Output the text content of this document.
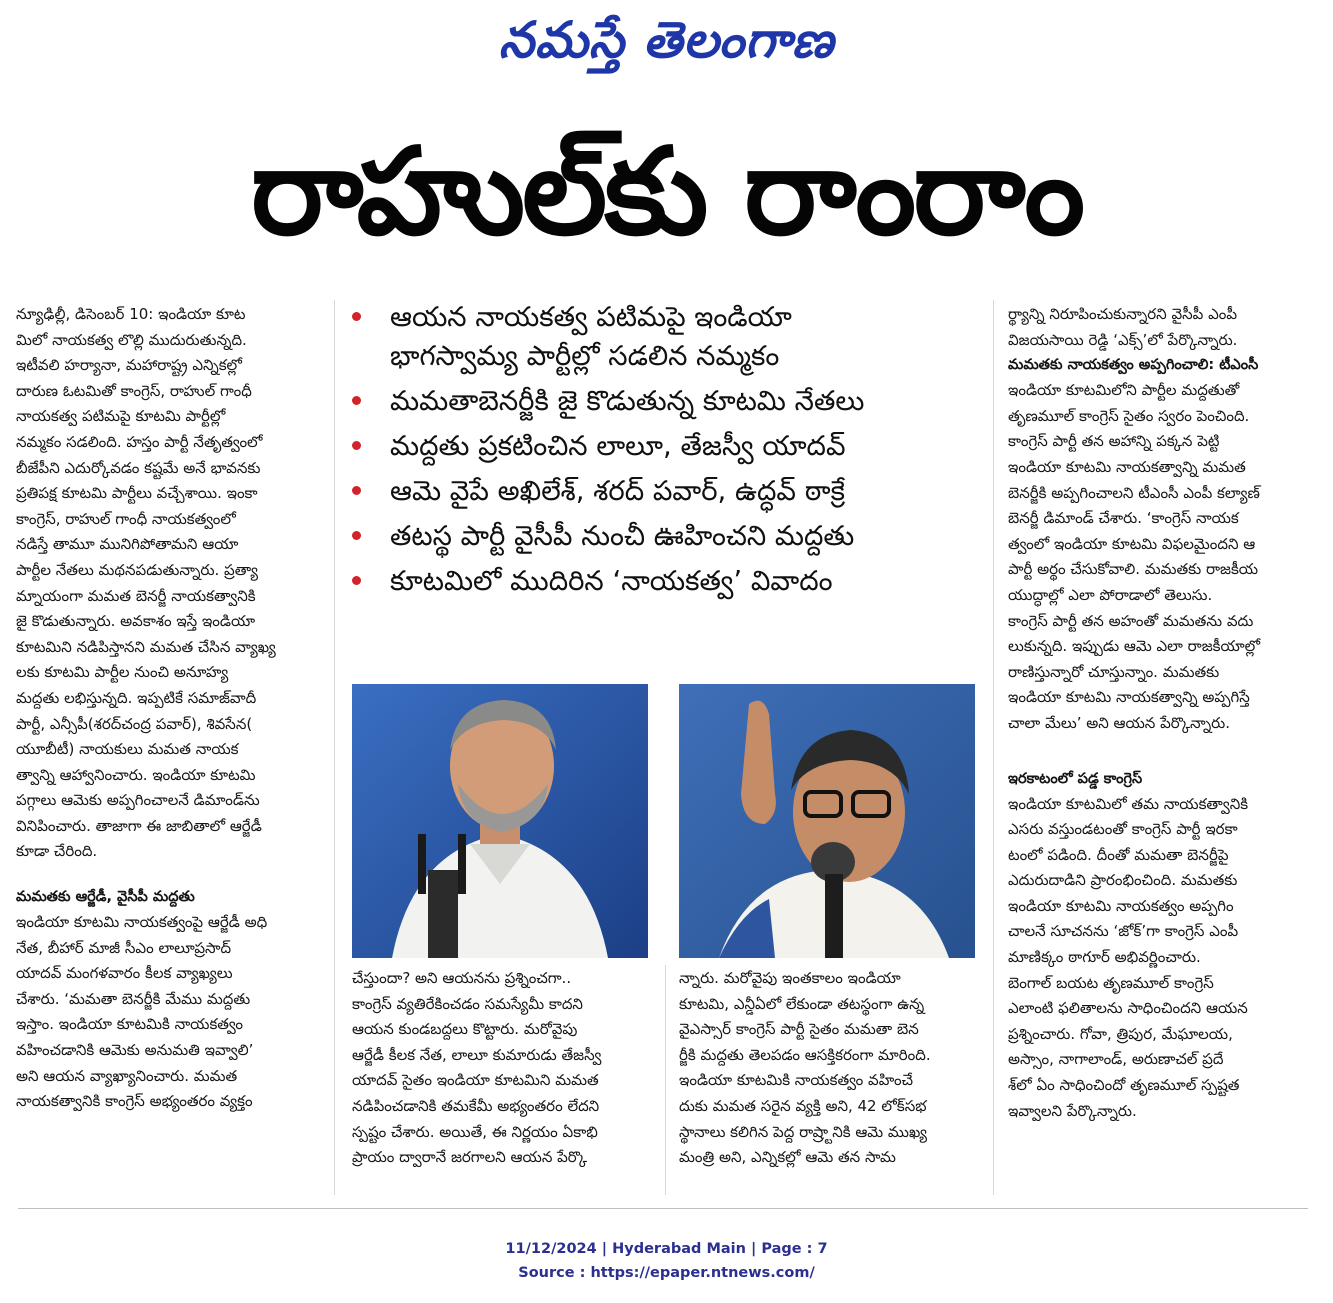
నమస్తే తెలంగాణ
రాహుల్‌కు రాంరాం

న్యూఢిల్లీ, డిసెంబర్‌ 10: ఇండియా కూట

మిలో నాయకత్వ లొల్లి ముదురుతున్నది.

ఇటీవలి హర్యానా, మహారాష్ట్ర ఎన్నికల్లో

దారుణ ఓటమితో కాంగ్రెస్‌, రాహుల్‌ గాంధీ

నాయకత్వ పటిమపై కూటమి పార్టీల్లో

నమ్మకం సడలింది. హస్తం పార్టీ నేతృత్వంలో

బీజేపీని ఎదుర్కోవడం కష్టమే అనే భావనకు

ప్రతిపక్ష కూటమి పార్టీలు వచ్చేశాయి. ఇంకా

కాంగ్రెస్‌, రాహుల్‌ గాంధీ నాయకత్వంలో

నడిస్తే తామూ మునిగిపోతామని ఆయా

పార్టీల నేతలు మథనపడుతున్నారు. ప్రత్యా

మ్నాయంగా మమత బెనర్జీ నాయకత్వానికి

జై కొడుతున్నారు. అవకాశం ఇస్తే ఇండియా

కూటమిని నడిపిస్తానని మమత చేసిన వ్యాఖ్య

లకు కూటమి పార్టీల నుంచి అనూహ్య

మద్దతు లభిస్తున్నది. ఇప్పటికే సమాజ్‌వాదీ

పార్టీ, ఎన్సీపీ(శరద్‌చంద్ర పవార్‌), శివసేన(

యూబీటీ) నాయకులు మమత నాయక

త్వాన్ని ఆహ్వానించారు. ఇండియా కూటమి

పగ్గాలు ఆమెకు అప్పగించాలనే డిమాండ్‌ను

వినిపించారు. తాజాగా ఈ జాబితాలో ఆర్జేడీ

కూడా చేరింది.

మమతకు ఆర్జేడీ, వైసీపీ మద్దతు

ఇండియా కూటమి నాయకత్వంపై ఆర్జేడీ అధి

నేత, బీహార్‌ మాజీ సీఎం లాలూప్రసాద్‌

యాదవ్‌ మంగళవారం కీలక వ్యాఖ్యలు

చేశారు. ‘మమతా బెనర్జీకి మేము మద్దతు

ఇస్తాం. ఇండియా కూటమికి నాయకత్వం

వహించడానికి ఆమెకు అనుమతి ఇవ్వాలి’

అని ఆయన వ్యాఖ్యానించారు. మమత

నాయకత్వానికి కాంగ్రెస్‌ అభ్యంతరం వ్యక్తం

ఆయన నాయకత్వ పటిమపై ఇండియా
భాగస్వామ్య పార్టీల్లో సడలిన నమ్మకం
మమతాబెనర్జీకి జై కొడుతున్న కూటమి నేతలు
మద్దతు ప్రకటించిన లాలూ, తేజస్వీ యాదవ్
ఆమె వైపే అఖిలేశ్‌, శరద్‌ పవార్‌, ఉద్ధవ్‌ ఠాక్రే
తటస్థ పార్టీ వైసీపీ నుంచీ ఊహించని మద్దతు
కూటమిలో ముదిరిన ‘నాయకత్వ’ వివాదం

చేస్తుందా? అని ఆయనను ప్రశ్నించగా..

కాంగ్రెస్‌ వ్యతిరేకించడం సమస్యేమీ కాదని

ఆయన కుండబద్దలు కొట్టారు. మరోవైపు

ఆర్జేడీ కీలక నేత, లాలూ కుమారుడు తేజస్వీ

యాదవ్‌ సైతం ఇండియా కూటమిని మమత

నడిపించడానికి తమకేమీ అభ్యంతరం లేదని

స్పష్టం చేశారు. అయితే, ఈ నిర్ణయం ఏకాభి

ప్రాయం ద్వారానే జరగాలని ఆయన పేర్కొ

న్నారు. మరోవైపు ఇంతకాలం ఇండియా

కూటమి, ఎన్డీఏలో లేకుండా తటస్థంగా ఉన్న

వైఎస్సార్‌ కాంగ్రెస్‌ పార్టీ సైతం మమతా బెన

ర్జీకి మద్దతు తెలపడం ఆసక్తికరంగా మారింది.

ఇండియా కూటమికి నాయకత్వం వహించే

దుకు మమత సరైన వ్యక్తి అని, 42 లోక్‌సభ

స్థానాలు కలిగిన పెద్ద రాష్ర్టానికి ఆమె ముఖ్య

మంత్రి అని, ఎన్నికల్లో ఆమె తన సామ

ర్థ్యాన్ని నిరూపించుకున్నారని వైసీపీ ఎంపీ

విజయసాయి రెడ్డి ‘ఎక్స్‌’లో పేర్కొన్నారు.

మమతకు నాయకత్వం అప్పగించాలి: టీఎంసీ

ఇండియా కూటమిలోని పార్టీల మద్దతుతో

తృణమూల్‌ కాంగ్రెస్‌ సైతం స్వరం పెంచింది.

కాంగ్రెస్‌ పార్టీ తన అహాన్ని పక్కన పెట్టి

ఇండియా కూటమి నాయకత్వాన్ని మమత

బెనర్జీకి అప్పగించాలని టీఎంసీ ఎంపీ కల్యాణ్‌

బెనర్జీ డిమాండ్‌ చేశారు. ‘కాంగ్రెస్‌ నాయక

త్వంలో ఇండియా కూటమి విఫలమైందని ఆ

పార్టీ అర్థం చేసుకోవాలి. మమతకు రాజకీయ

యుద్ధాల్లో ఎలా పోరాడాలో తెలుసు.

కాంగ్రెస్‌ పార్టీ తన అహంతో మమతను వదు

లుకున్నది. ఇప్పుడు ఆమె ఎలా రాజకీయాల్లో

రాణిస్తున్నారో చూస్తున్నాం. మమతకు

ఇండియా కూటమి నాయకత్వాన్ని అప్పగిస్తే

చాలా మేలు’ అని ఆయన పేర్కొన్నారు.

ఇరకాటంలో పడ్డ కాంగ్రెస్‌

ఇండియా కూటమిలో తమ నాయకత్వానికి

ఎసరు వస్తుండటంతో కాంగ్రెస్‌ పార్టీ ఇరకా

టంలో పడింది. దీంతో మమతా బెనర్జీపై

ఎదురుదాడిని ప్రారంభించింది. మమతకు

ఇండియా కూటమి నాయకత్వం అప్పగిం

చాలనే సూచనను ‘జోక్‌’గా కాంగ్రెస్‌ ఎంపీ

మాణిక్కం ఠాగూర్‌ అభివర్ణించారు.

బెంగాల్‌ బయట తృణమూల్‌ కాంగ్రెస్‌

ఎలాంటి ఫలితాలను సాధించిందని ఆయన

ప్రశ్నించారు. గోవా, త్రిపుర, మేఘాలయ,

అస్సాం, నాగాలాండ్‌, అరుణాచల్‌ ప్రదే

శ్‌లో ఏం సాధించిందో తృణమూల్‌ స్పష్టత

ఇవ్వాలని పేర్కొన్నారు.

11/12/2024 | Hyderabad Main | Page : 7
Source : https://epaper.ntnews.com/
